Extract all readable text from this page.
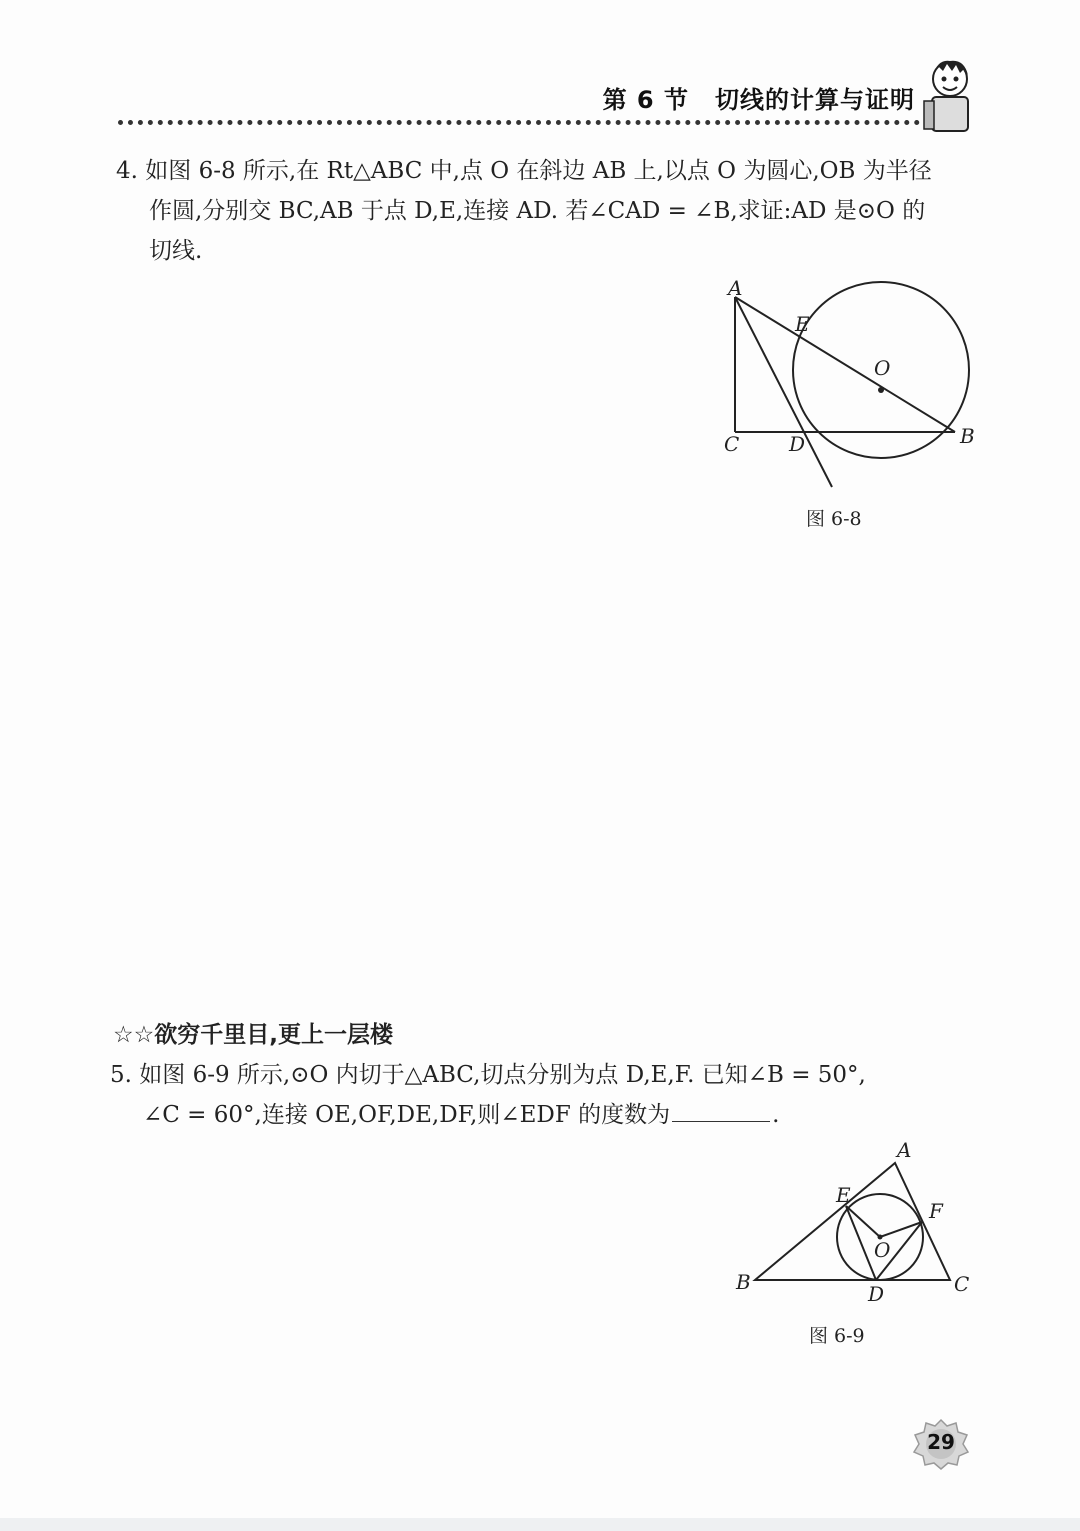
第 6 节 切线的计算与证明
4. 如图 6-8 所示,在 Rt△ABC 中,点 O 在斜边 AB 上,以点 O 为圆心,OB 为半径
作圆,分别交 BC,AB 于点 D,E,连接 AD. 若∠CAD = ∠B,求证:AD 是⊙O 的
切线.
A
E
O
C D	B
图 6-8
☆☆欲穷千里目,更上一层楼
5. 如图 6-9 所示,⊙O 内切于△ABC,切点分别为点 D,E,F. 已知∠B = 50°,
∠C = 60°,连接 OE,OF,DE,DF,则∠EDF 的度数为	.
A
E
F
O
B	D	C
图 6-9
29
